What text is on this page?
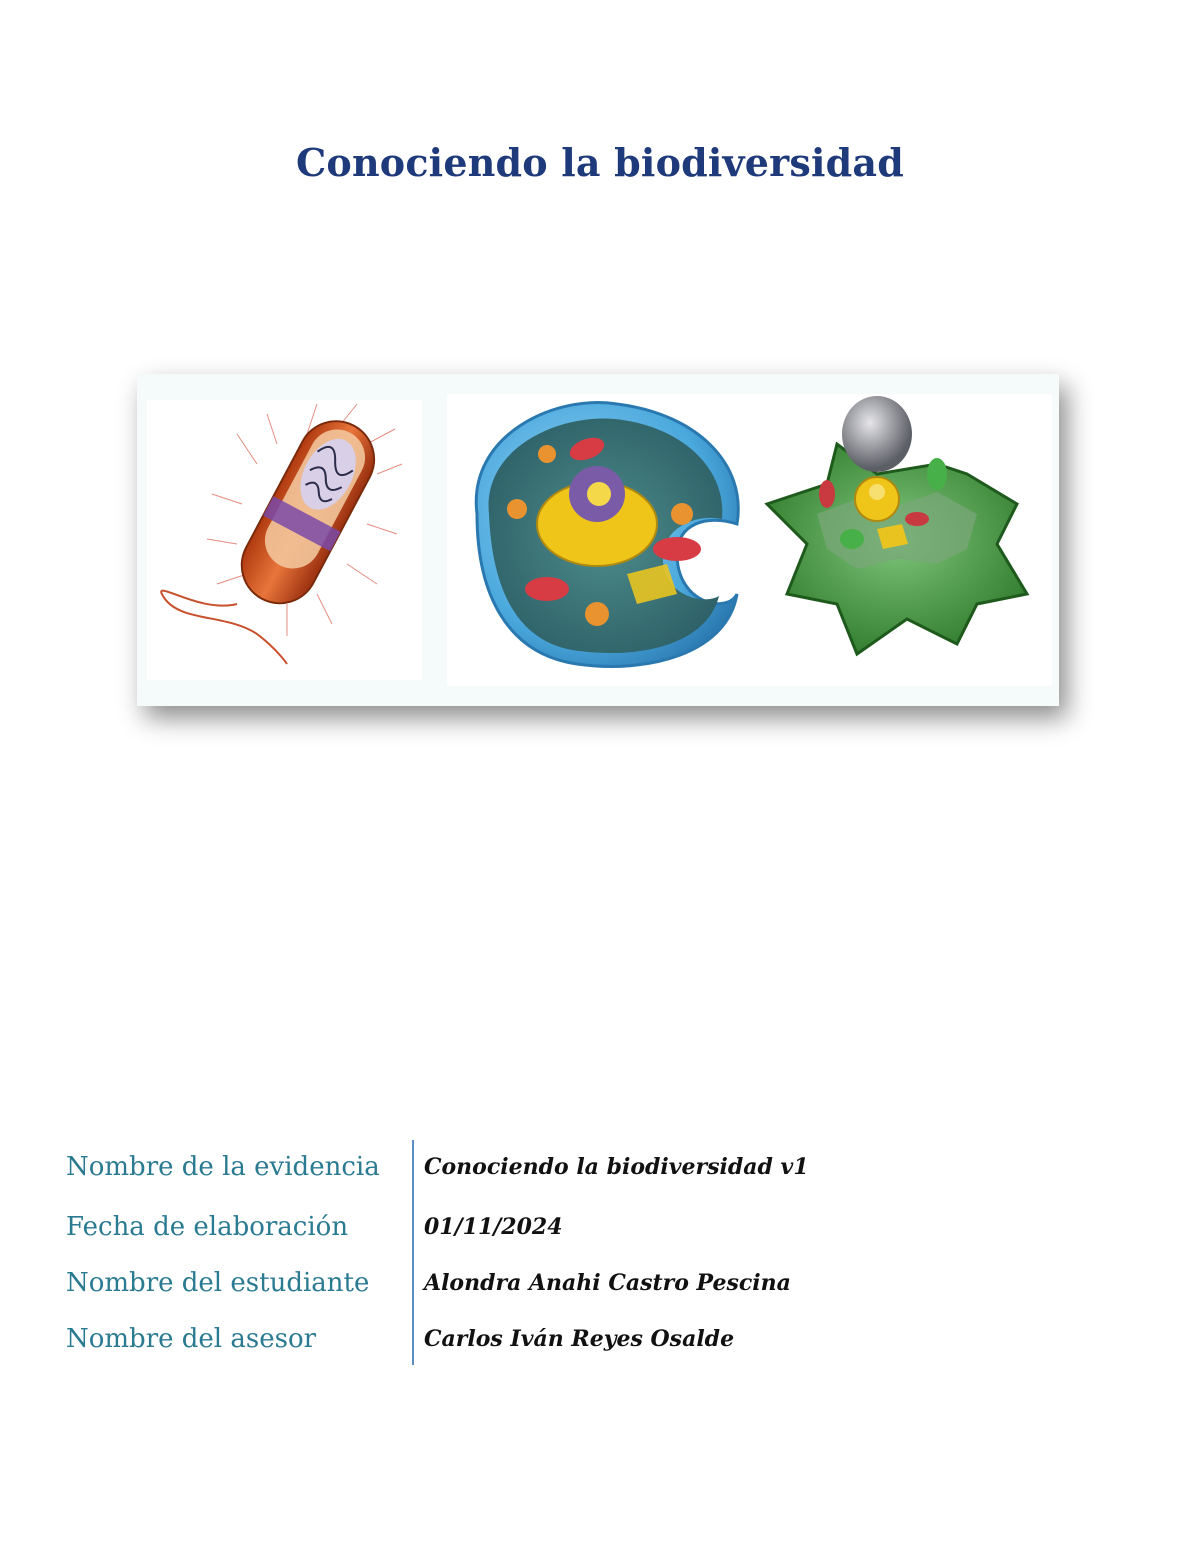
Conociendo la biodiversidad
Nombre de la evidencia Conociendo la biodiversidad v1
Fecha de elaboración	01/11/2024
Nombre del estudiante Alondra Anahi Castro Pescina
Nombre del asesor	Carlos Iván Reyes Osalde
